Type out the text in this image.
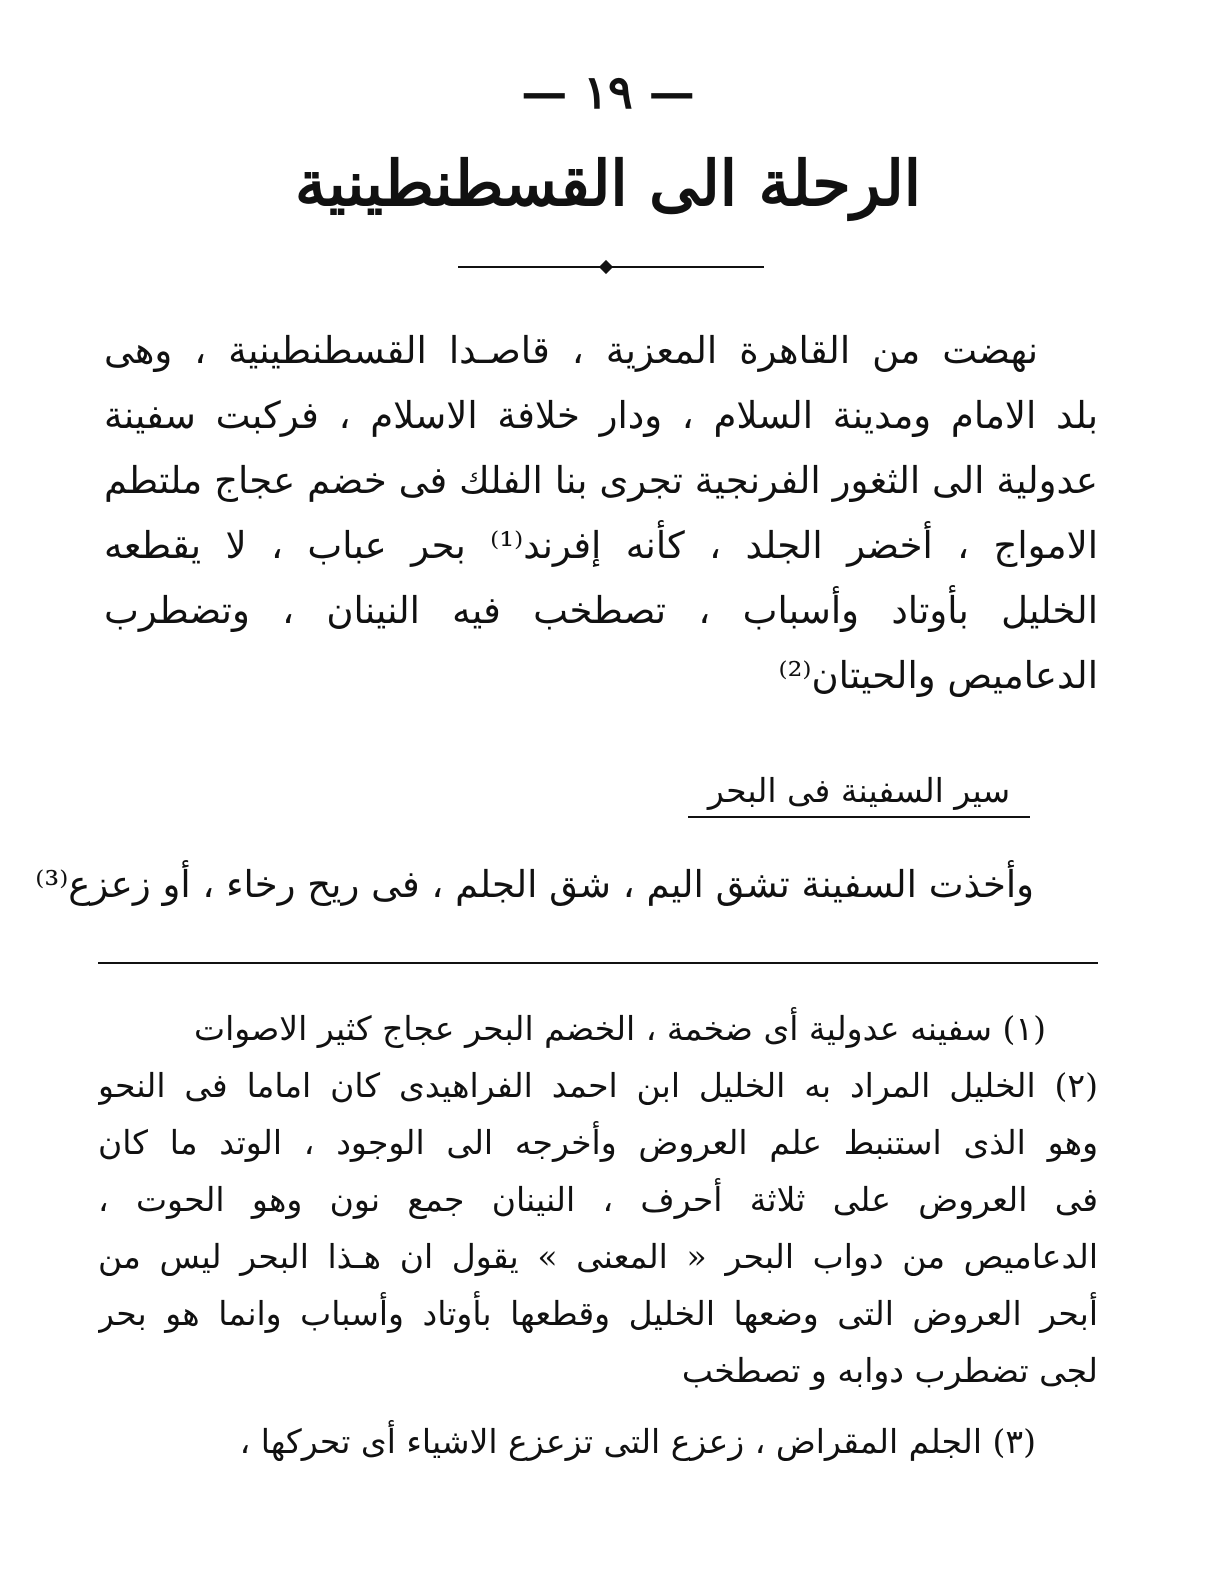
— ١٩ —
الرحلة الى القسطنطينية
نهضت من القاهرة المعزية ، قاصـدا القسطنطينية ، وهى
بلد الامام ومدينة السلام ، ودار خلافة الاسلام ، فركبت سفينة
عدولية الى الثغور الفرنجية تجرى بنا الفلك فى خضم عجاج ملتطم
الامواج ، أخضر الجلد ، كأنه إفرند⁽¹⁾ بحر عباب ، لا يقطعه
الخليل بأوتاد وأسباب ، تصطخب فيه النينان ، وتضطرب
الدعاميص والحيتان⁽²⁾
سير السفينة فى البحر
وأخذت السفينة تشق اليم ، شق الجلم ، فى ريح رخاء ، أو زعزع⁽³⁾
(١) سفينه عدولية أى ضخمة ، الخضم البحر عجاج كثير الاصوات
(٢) الخليل المراد به الخليل ابن احمد الفراهيدى كان اماما فى النحو
وهو الذى استنبط علم العروض وأخرجه الى الوجود ، الوتد ما كان
فى العروض على ثلاثة أحرف ، النينان جمع نون وهو الحوت ،
الدعاميص من دواب البحر « المعنى » يقول ان هـذا البحر ليس من
أبحر العروض التى وضعها الخليل وقطعها بأوتاد وأسباب وانما هو بحر
لجى تضطرب دوابه و تصطخب
(٣) الجلم المقراض ، زعزع التى تزعزع الاشياء أى تحركها ،
